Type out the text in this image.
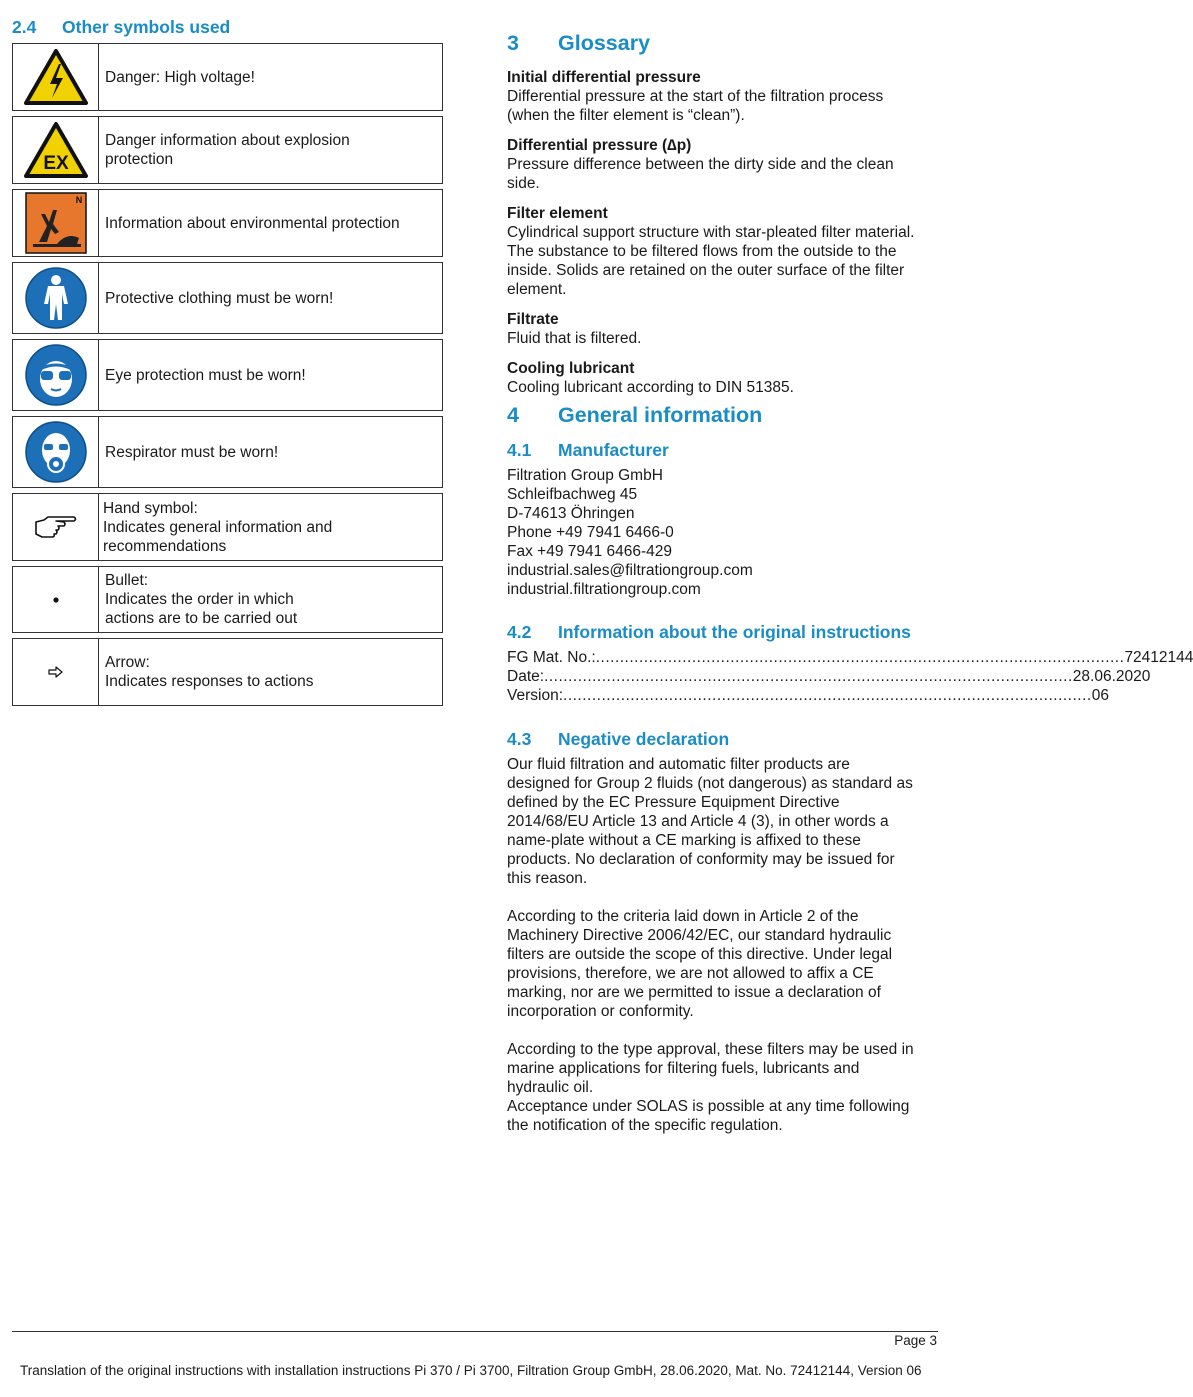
2.4 Other symbols used
Danger: High voltage!
EX
Danger information about explosion
protection
N
Information about environmental protection
Protective clothing must be worn!
Eye protection must be worn!
Respirator must be worn!
Hand symbol:
Indicates general information and
recommendations
Bullet:
Indicates the order in which
actions are to be carried out
Arrow:
Indicates responses to actions
3 Glossary
Initial differential pressure
Differential pressure at the start of the filtration process
(when the filter element is “clean”).
Differential pressure (∆p)
Pressure difference between the dirty side and the clean
side.
Filter element
Cylindrical support structure with star-pleated filter material.
The substance to be filtered flows from the outside to the
inside. Solids are retained on the outer surface of the filter
element.
Filtrate
Fluid that is filtered.
Cooling lubricant
Cooling lubricant according to DIN 51385.
4 General information
4.1 Manufacturer
Filtration Group GmbH
Schleifbachweg 45
D-74613 Öhringen
Phone +49 7941 6466-0
Fax +49 7941 6466-429
industrial.sales@filtrationgroup.com
industrial.filtrationgroup.com
4.2 Information about the original instructions
FG Mat. No.: .............................................................................................................. 72412144
Date: .............................................................................................................. 28.06.2020
Version: .............................................................................................................. 06
4.3 Negative declaration
Our fluid filtration and automatic filter products are
designed for Group 2 fluids (not dangerous) as standard as
defined by the EC Pressure Equipment Directive
2014/68/EU Article 13 and Article 4 (3), in other words a
name-plate without a CE marking is affixed to these
products. No declaration of conformity may be issued for
this reason.
According to the criteria laid down in Article 2 of the
Machinery Directive 2006/42/EC, our standard hydraulic
filters are outside the scope of this directive. Under legal
provisions, therefore, we are not allowed to affix a CE
marking, nor are we permitted to issue a declaration of
incorporation or conformity.
According to the type approval, these filters may be used in
marine applications for filtering fuels, lubricants and
hydraulic oil.
Acceptance under SOLAS is possible at any time following
the notification of the specific regulation.
Page 3
Translation of the original instructions with installation instructions Pi 370 / Pi 3700, Filtration Group GmbH, 28.06.2020, Mat. No. 72412144, Version 06
